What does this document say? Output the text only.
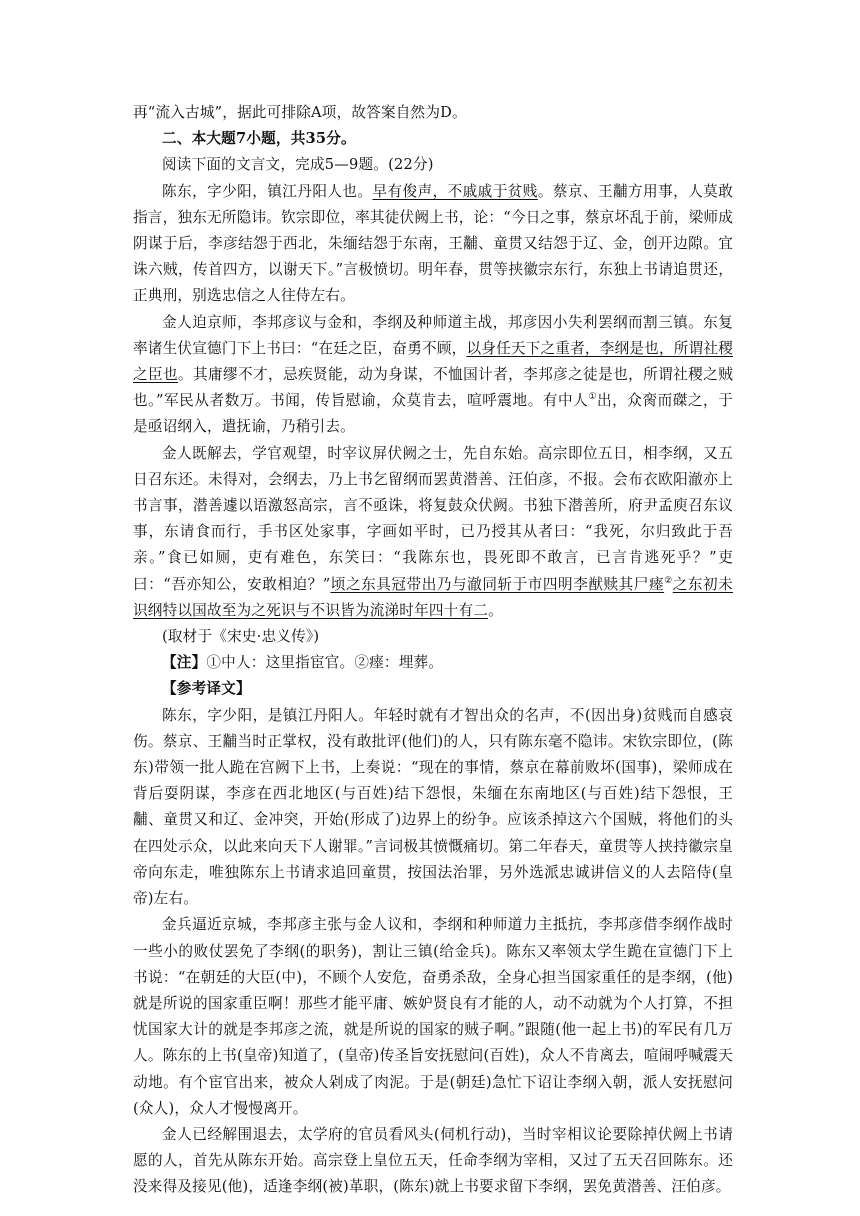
再“流入古城”，据此可排除A项，故答案自然为D。

二、本大题7小题，共35分。

阅读下面的文言文，完成5—9题。(22分)

陈东，字少阳，镇江丹阳人也。早有俊声，不戚戚于贫贱。蔡京、王黼方用事，人莫敢指言，独东无所隐讳。钦宗即位，率其徒伏阙上书，论：“今日之事，蔡京坏乱于前，梁师成阴谋于后，李彦结怨于西北，朱缅结怨于东南，王黼、童贯又结怨于辽、金，创开边隙。宜诛六贼，传首四方，以谢天下。”言极愤切。明年春，贯等挟徽宗东行，东独上书请追贯还，正典刑，别选忠信之人往侍左右。

金人迫京师，李邦彦议与金和，李纲及种师道主战，邦彦因小失利罢纲而割三镇。东复率诸生伏宣德门下上书曰：“在廷之臣，奋勇不顾，以身任天下之重者，李纲是也，所谓社稷之臣也。其庸缪不才，忌疾贤能，动为身谋，不恤国计者，李邦彦之徒是也，所谓社稷之贼也。”军民从者数万。书闻，传旨慰谕，众莫肯去，喧呼震地。有中人①出，众脔而磔之，于是亟诏纲入，遣抚谕，乃稍引去。

金人既解去，学官观望，时宰议屏伏阙之士，先自东始。高宗即位五日，相李纲，又五日召东还。未得对，会纲去，乃上书乞留纲而罢黄潜善、汪伯彦，不报。会布衣欧阳澈亦上书言事，潜善遽以语激怒高宗，言不亟诛，将复鼓众伏阙。书独下潜善所，府尹孟庾召东议事，东请食而行，手书区处家事，字画如平时，已乃授其从者曰：“我死，尔归致此于吾亲。”食已如厕，吏有难色，东笑曰：“我陈东也，畏死即不敢言，已言肯逃死乎？”吏曰：“吾亦知公，安敢相迫？”顷之东具冠带出乃与澈同斩于市四明李猷赎其尸瘗②之东初未识纲特以国故至为之死识与不识皆为流涕时年四十有二。

(取材于《宋史·忠义传》)

【注】①中人：这里指宦官。②瘗：埋葬。

【参考译文】

陈东，字少阳，是镇江丹阳人。年轻时就有才智出众的名声，不(因出身)贫贱而自感哀伤。蔡京、王黼当时正掌权，没有敢批评(他们)的人，只有陈东毫不隐讳。宋钦宗即位，(陈东)带领一批人跪在宫阙下上书，上奏说：“现在的事情，蔡京在幕前败坏(国事)，梁师成在背后耍阴谋，李彦在西北地区(与百姓)结下怨恨，朱缅在东南地区(与百姓)结下怨恨，王黼、童贯又和辽、金冲突，开始(形成了)边界上的纷争。应该杀掉这六个国贼，将他们的头在四处示众，以此来向天下人谢罪。”言词极其愤慨痛切。第二年春天，童贯等人挟持徽宗皇帝向东走，唯独陈东上书请求追回童贯，按国法治罪，另外选派忠诚讲信义的人去陪侍(皇帝)左右。

金兵逼近京城，李邦彦主张与金人议和，李纲和种师道力主抵抗，李邦彦借李纲作战时一些小的败仗罢免了李纲(的职务)，割让三镇(给金兵)。陈东又率领太学生跪在宣德门下上书说：“在朝廷的大臣(中)，不顾个人安危，奋勇杀敌，全身心担当国家重任的是李纲，(他)就是所说的国家重臣啊！那些才能平庸、嫉妒贤良有才能的人，动不动就为个人打算，不担忧国家大计的就是李邦彦之流，就是所说的国家的贼子啊。”跟随(他一起上书)的军民有几万人。陈东的上书(皇帝)知道了，(皇帝)传圣旨安抚慰问(百姓)，众人不肯离去，喧闹呼喊震天动地。有个宦官出来，被众人剁成了肉泥。于是(朝廷)急忙下诏让李纲入朝，派人安抚慰问(众人)，众人才慢慢离开。

金人已经解围退去，太学府的官员看风头(伺机行动)，当时宰相议论要除掉伏阙上书请愿的人，首先从陈东开始。高宗登上皇位五天，任命李纲为宰相，又过了五天召回陈东。还没来得及接见(他)，适逢李纲(被)革职，(陈东)就上书要求留下李纲，罢免黄潜善、汪伯彦。
